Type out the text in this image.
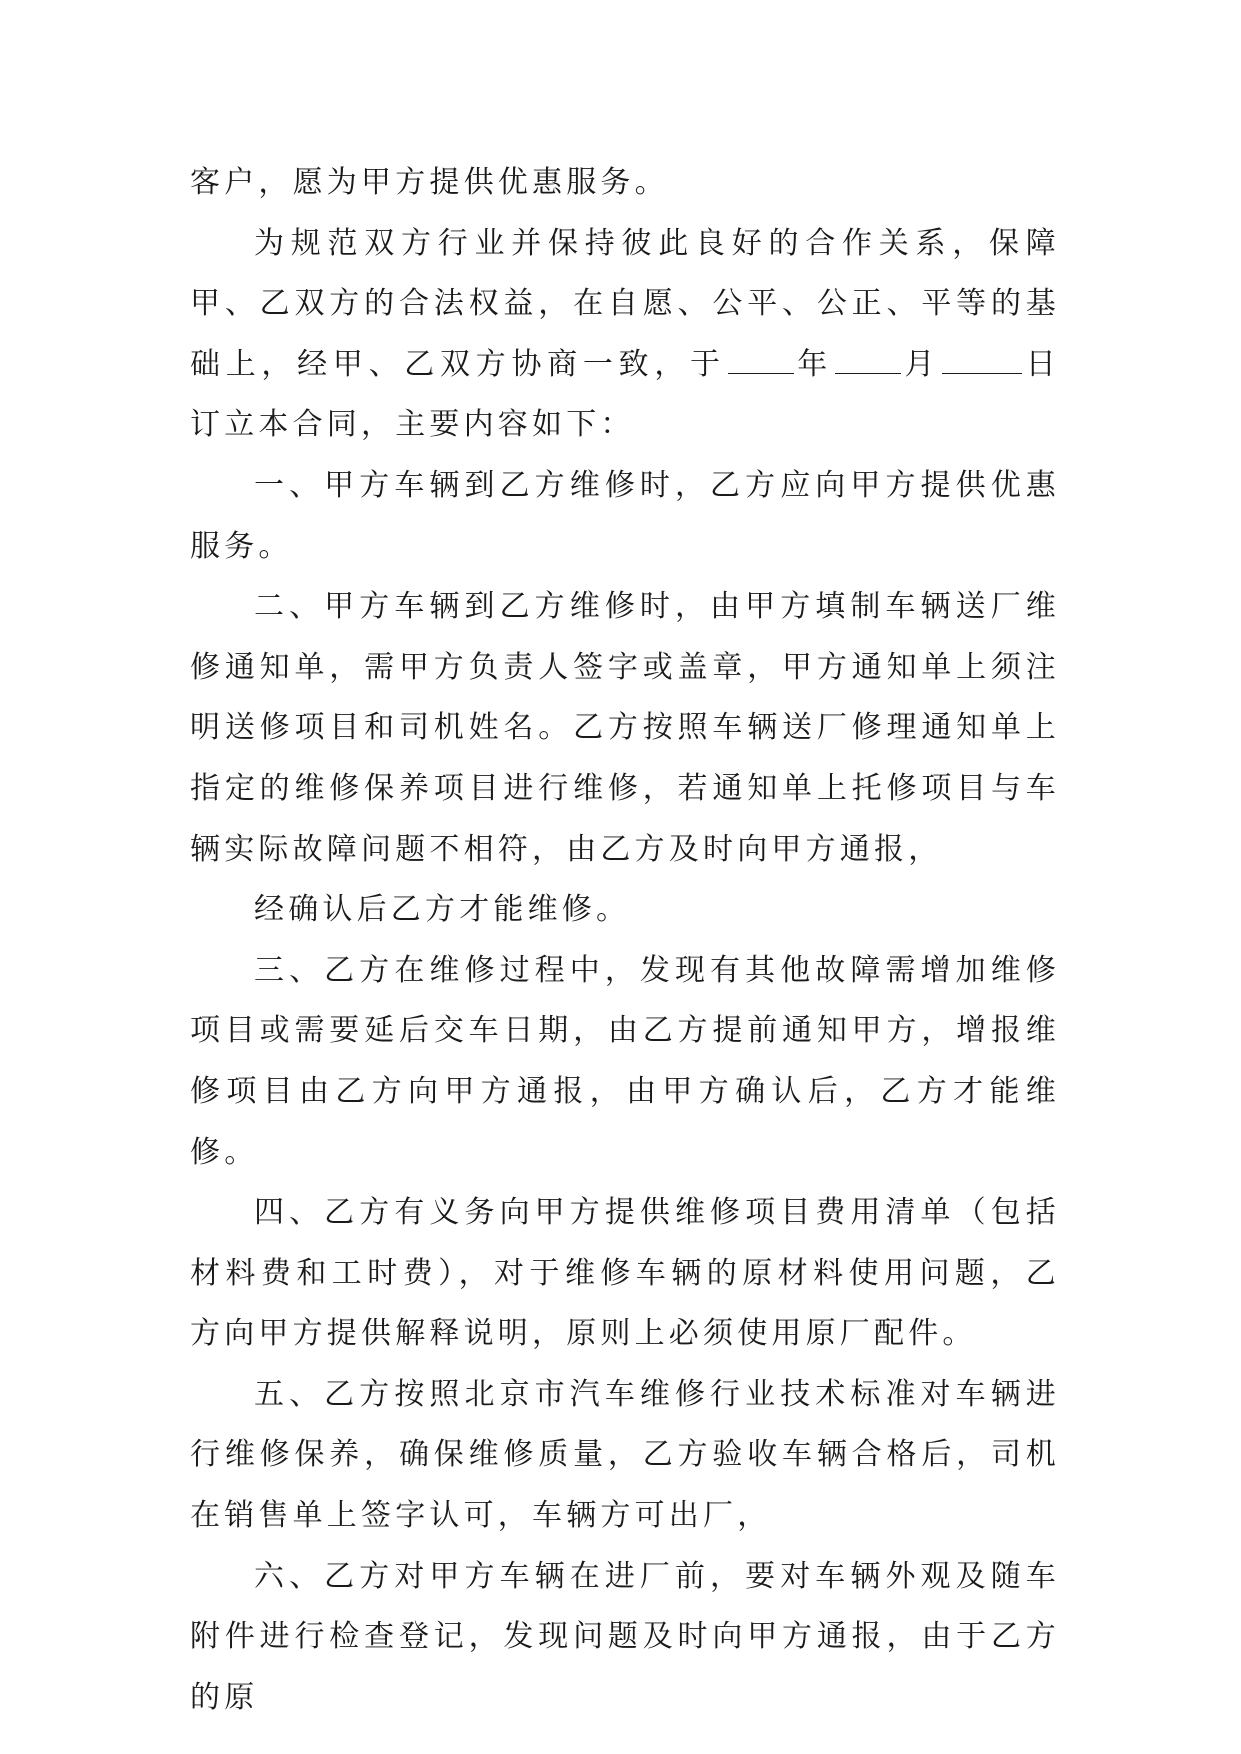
客户，愿为甲方提供优惠服务。

为规范双方行业并保持彼此良好的合作关系，保障甲、乙双方的合法权益，在自愿、公平、公正、平等的基础上，经甲、乙双方协商一致，于 年 月	日订立本合同，主要内容如下：

一、甲方车辆到乙方维修时，乙方应向甲方提供优惠服务。

二、甲方车辆到乙方维修时，由甲方填制车辆送厂维修通知单，需甲方负责人签字或盖章，甲方通知单上须注明送修项目和司机姓名。乙方按照车辆送厂修理通知单上指定的维修保养项目进行维修，若通知单上托修项目与车辆实际故障问题不相符，由乙方及时向甲方通报，

经确认后乙方才能维修。

三、乙方在维修过程中，发现有其他故障需增加维修项目或需要延后交车日期，由乙方提前通知甲方，增报维修项目由乙方向甲方通报，由甲方确认后，乙方才能维修。

四、乙方有义务向甲方提供维修项目费用清单（包括材料费和工时费），对于维修车辆的原材料使用问题，乙方向甲方提供解释说明，原则上必须使用原厂配件。

五、乙方按照北京市汽车维修行业技术标准对车辆进行维修保养，确保维修质量，乙方验收车辆合格后，司机在销售单上签字认可，车辆方可出厂，

六、乙方对甲方车辆在进厂前，要对车辆外观及随车附件进行检查登记，发现问题及时向甲方通报，由于乙方的原
